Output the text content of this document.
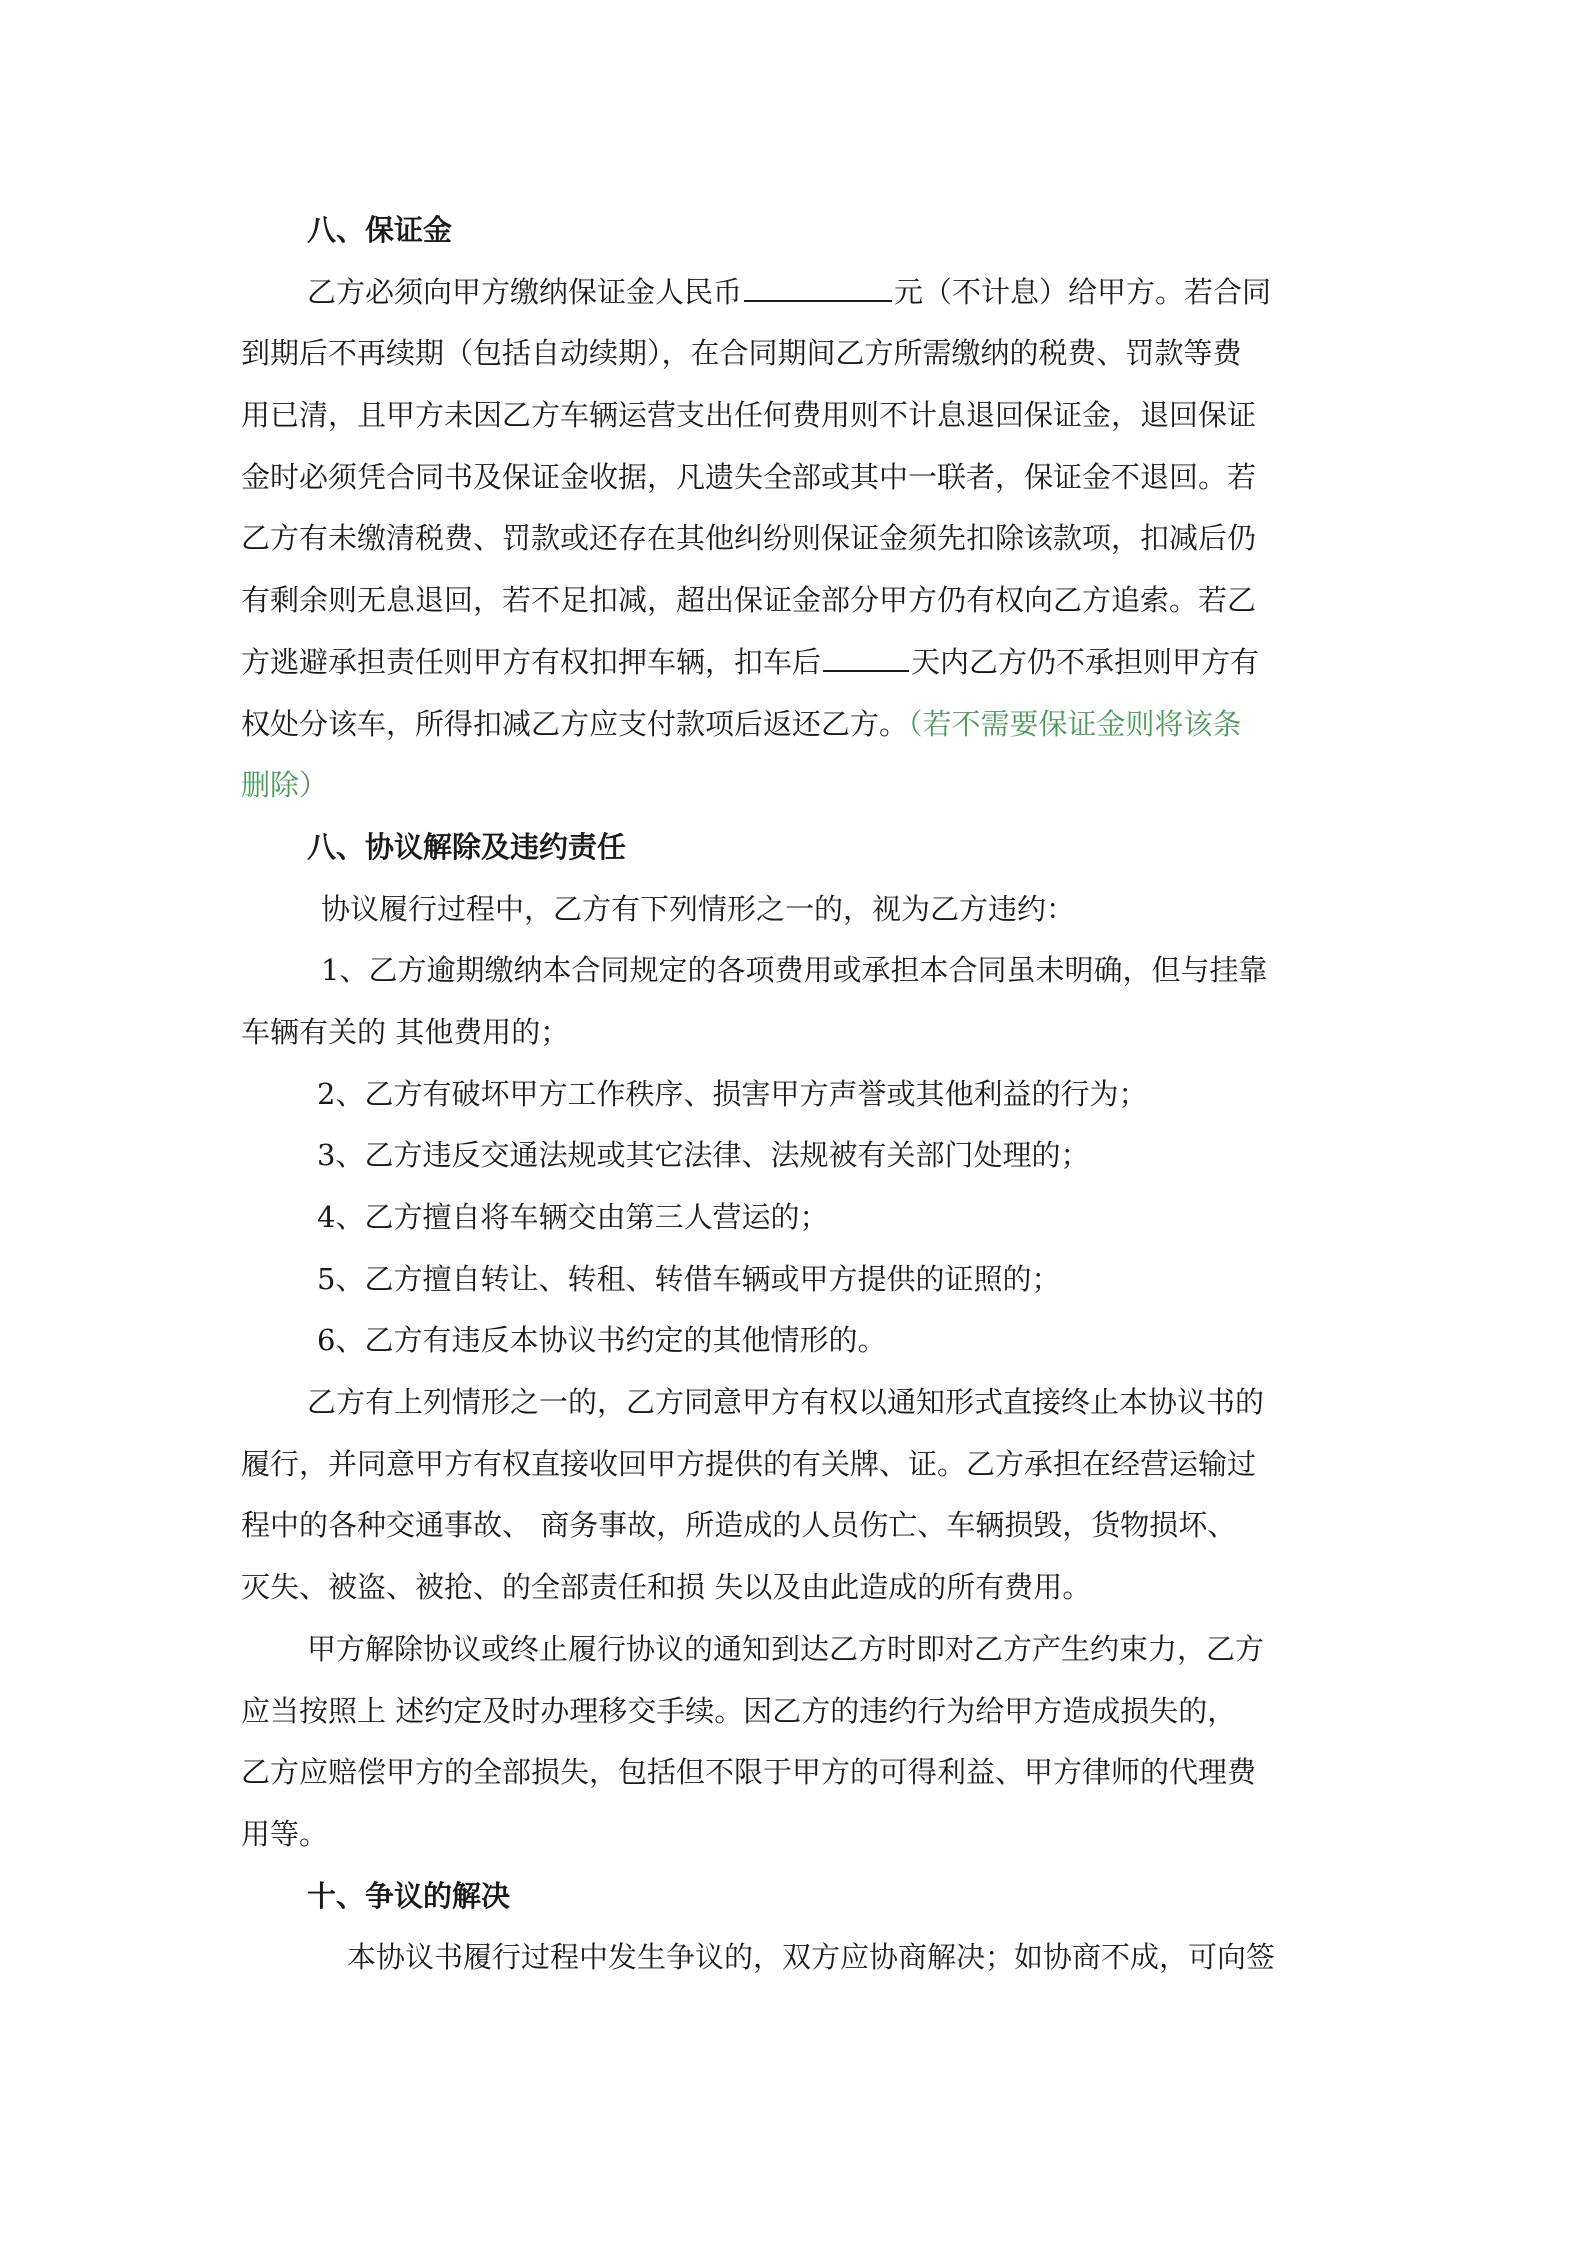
八、保证金
乙方必须向甲方缴纳保证金人民币	元（不计息）给甲方。若合同
到期后不再续期（包括自动续期），在合同期间乙方所需缴纳的税费、罚款等费
用已清，且甲方未因乙方车辆运营支出任何费用则不计息退回保证金，退回保证
金时必须凭合同书及保证金收据，凡遗失全部或其中一联者，保证金不退回。若
乙方有未缴清税费、罚款或还存在其他纠纷则保证金须先扣除该款项，扣减后仍
有剩余则无息退回，若不足扣减，超出保证金部分甲方仍有权向乙方追索。若乙
方逃避承担责任则甲方有权扣押车辆，扣车后	天内乙方仍不承担则甲方有
权处分该车，所得扣减乙方应支付款项后返还乙方。（若不需要保证金则将该条
删除）
八、协议解除及违约责任
协议履行过程中，乙方有下列情形之一的，视为乙方违约：
1、乙方逾期缴纳本合同规定的各项费用或承担本合同虽未明确，但与挂靠
车辆有关的 其他费用的；
2、乙方有破坏甲方工作秩序、损害甲方声誉或其他利益的行为；
3、乙方违反交通法规或其它法律、法规被有关部门处理的；
4、乙方擅自将车辆交由第三人营运的；
5、乙方擅自转让、转租、转借车辆或甲方提供的证照的；
6、乙方有违反本协议书约定的其他情形的。
乙方有上列情形之一的，乙方同意甲方有权以通知形式直接终止本协议书的
履行，并同意甲方有权直接收回甲方提供的有关牌、证。乙方承担在经营运输过
程中的各种交通事故、 商务事故，所造成的人员伤亡、车辆损毁，货物损坏、
灭失、被盗、被抢、的全部责任和损 失以及由此造成的所有费用。
甲方解除协议或终止履行协议的通知到达乙方时即对乙方产生约束力，乙方
应当按照上 述约定及时办理移交手续。因乙方的违约行为给甲方造成损失的，
乙方应赔偿甲方的全部损失，包括但不限于甲方的可得利益、甲方律师的代理费
用等。
十、争议的解决
本协议书履行过程中发生争议的，双方应协商解决；如协商不成，可向签
